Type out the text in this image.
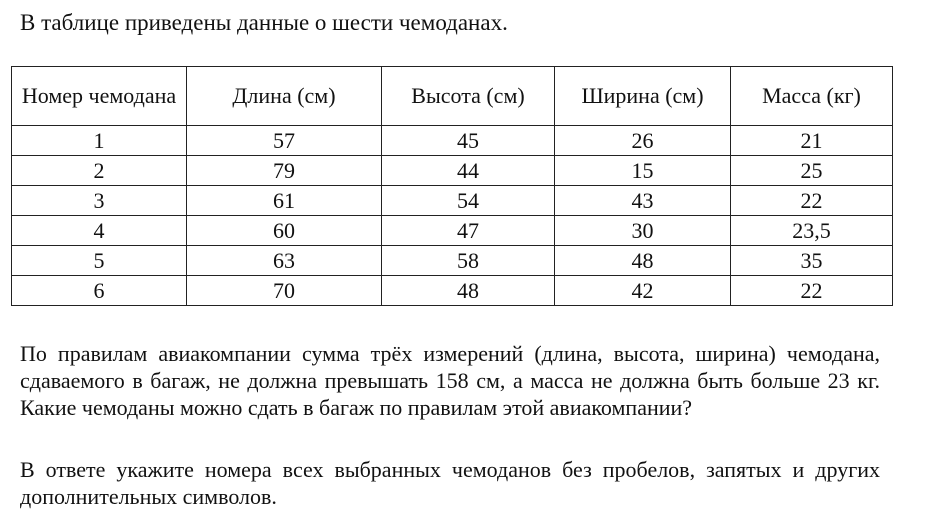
В таблице приведены данные о шести чемоданах.

Номер чемодана	Длина (см)	Высота (см)	Ширина (см)	Масса (кг)
1	57	45	26	21
2	79	44	15	25
3	61	54	43	22
4	60	47	30	23,5
5	63	58	48	35
6	70	48	42	22

По правилам авиакомпании сумма трёх измерений (длина, высота, ширина) чемодана, сдаваемого в багаж, не должна превышать 158 см, а масса не должна быть больше 23 кг. Какие чемоданы можно сдать в багаж по правилам этой авиакомпании?

В ответе укажите номера всех выбранных чемоданов без пробелов, запятых и других дополнительных символов.
